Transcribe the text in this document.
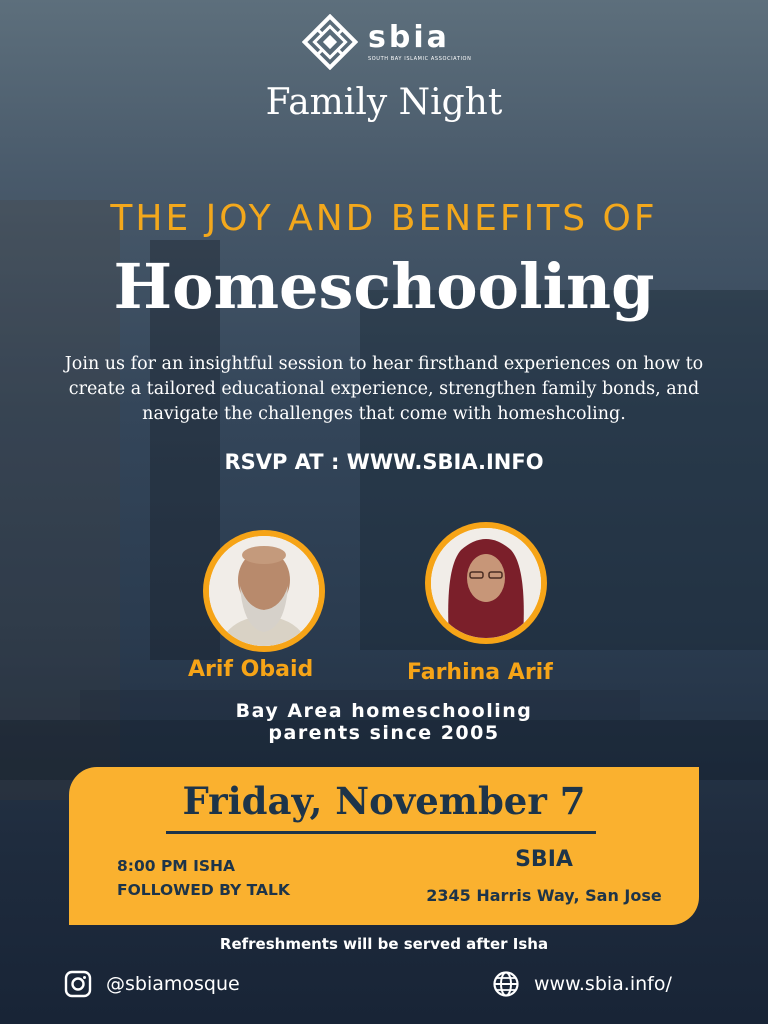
sbia
SOUTH BAY ISLAMIC ASSOCIATION
Family Night
THE JOY AND BENEFITS OF
Homeschooling
Join us for an insightful session to hear firsthand experiences on how to create a tailored educational experience, strengthen family bonds, and navigate the challenges that come with homeshcoling.
RSVP AT : WWW.SBIA.INFO
Arif Obaid	Farhina Arif
Bay Area homeschooling
parents since 2005
Friday, November 7
8:00 PM ISHA
FOLLOWED BY TALK
SBIA
2345 Harris Way, San Jose
Refreshments will be served after Isha
@sbiamosque	www.sbia.info/
